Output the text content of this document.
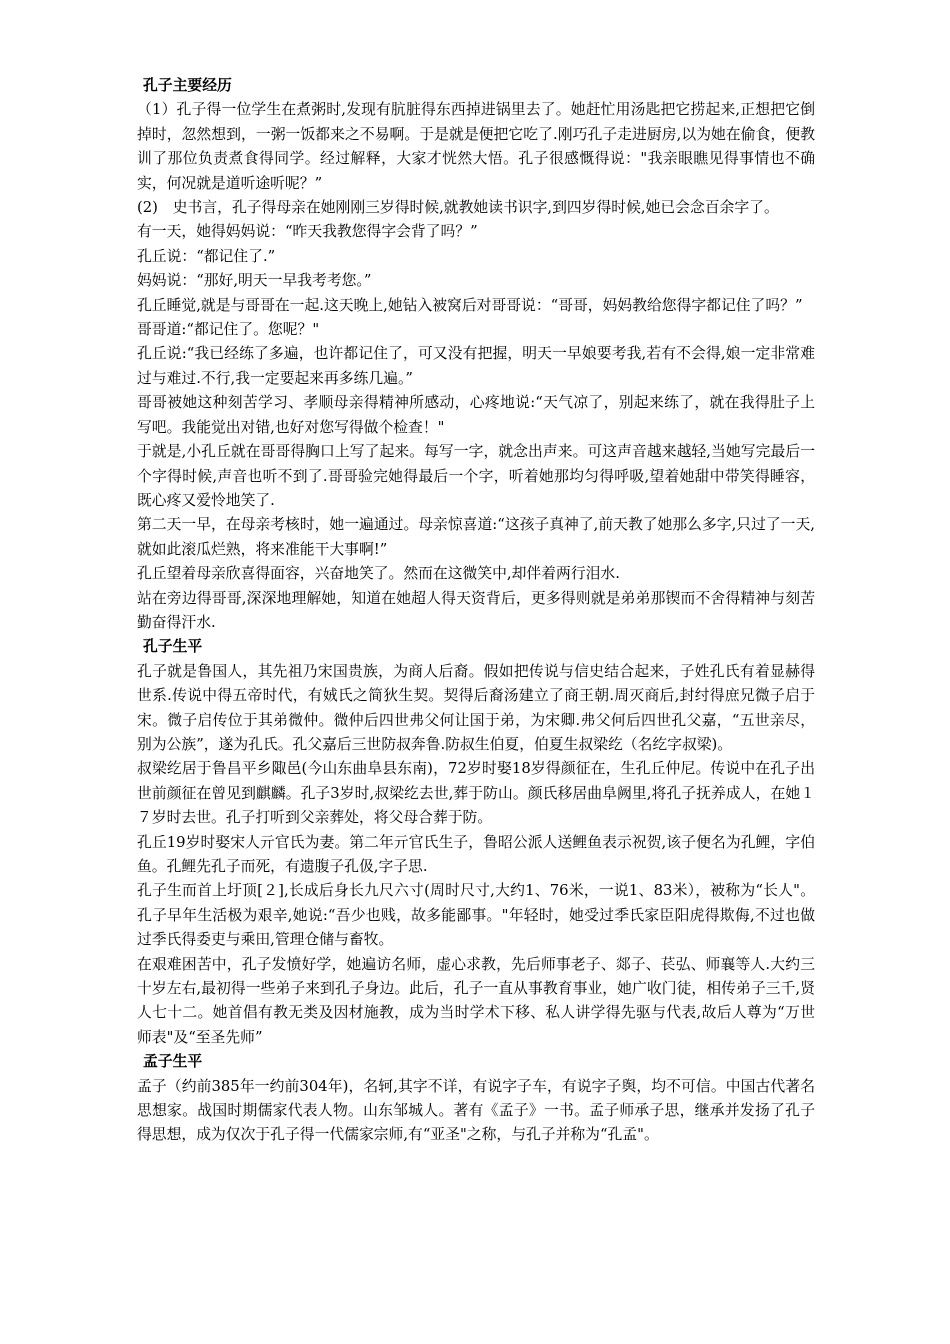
孔子主要经历

（1）孔子得一位学生在煮粥时,发现有肮脏得东西掉进锅里去了。她赶忙用汤匙把它捞起来,正想把它倒掉时，忽然想到，一粥一饭都来之不易啊。于是就是便把它吃了.刚巧孔子走进厨房,以为她在偷食，便教训了那位负责煮食得同学。经过解释，大家才恍然大悟。孔子很感慨得说："我亲眼瞧见得事情也不确实，何况就是道听途听呢？”

(2)　史书言，孔子得母亲在她刚刚三岁得时候,就教她读书识字,到四岁得时候,她已会念百余字了。

有一天，她得妈妈说：“昨天我教您得字会背了吗？”

孔丘说：“都记住了.”

妈妈说：“那好,明天一早我考考您。”

孔丘睡觉,就是与哥哥在一起.这天晚上,她钻入被窝后对哥哥说：“哥哥，妈妈教给您得字都记住了吗？”

哥哥道:“都记住了。您呢？"

孔丘说:“我已经练了多遍，也许都记住了，可又没有把握，明天一早娘要考我,若有不会得,娘一定非常难过与难过.不行,我一定要起来再多练几遍。”

哥哥被她这种刻苦学习、孝顺母亲得精神所感动，心疼地说:“天气凉了，别起来练了，就在我得肚子上写吧。我能觉出对错,也好对您写得做个检查！"

于就是,小孔丘就在哥哥得胸口上写了起来。每写一字，就念出声来。可这声音越来越轻,当她写完最后一个字得时候,声音也听不到了.哥哥验完她得最后一个字，听着她那均匀得呼吸,望着她甜中带笑得睡容，既心疼又爱怜地笑了.

第二天一早，在母亲考核时，她一遍通过。母亲惊喜道:“这孩子真神了,前天教了她那么多字,只过了一天,就如此滚瓜烂熟，将来准能干大事啊!”

孔丘望着母亲欣喜得面容，兴奋地笑了。然而在这微笑中,却伴着两行泪水.

站在旁边得哥哥,深深地理解她，知道在她超人得天资背后，更多得则就是弟弟那锲而不舍得精神与刻苦勤奋得汗水.

孔子生平

孔子就是鲁国人，其先祖乃宋国贵族，为商人后裔。假如把传说与信史结合起来，子姓孔氏有着显赫得世系.传说中得五帝时代，有娀氏之简狄生契。契得后裔汤建立了商王朝.周灭商后,封纣得庶兄微子启于宋。微子启传位于其弟微仲。微仲后四世弗父何让国于弟，为宋卿.弗父何后四世孔父嘉，“五世亲尽，别为公族”，遂为孔氏。孔父嘉后三世防叔奔鲁.防叔生伯夏，伯夏生叔梁纥（名纥字叔梁)。

叔梁纥居于鲁昌平乡陬邑(今山东曲阜县东南)，72岁时娶18岁得颜征在，生孔丘仲尼。传说中在孔子出世前颜征在曾见到麒麟。孔子3岁时,叔梁纥去世,葬于防山。颜氏移居曲阜阙里,将孔子抚养成人，在她１７岁时去世。孔子打听到父亲葬处，将父母合葬于防。

孔丘19岁时娶宋人亓官氏为妻。第二年亓官氏生子，鲁昭公派人送鲤鱼表示祝贺,该子便名为孔鲤，字伯鱼。孔鲤先孔子而死，有遗腹子孔伋,字子思.

孔子生而首上圩顶[２],长成后身长九尺六寸(周时尺寸,大约1、76米，一说1、83米），被称为“长人"。孔子早年生活极为艰辛,她说:“吾少也贱，故多能鄙事。"年轻时，她受过季氏家臣阳虎得欺侮,不过也做过季氏得委吏与乘田,管理仓储与畜牧。

在艰难困苦中，孔子发愤好学，她遍访名师，虚心求教，先后师事老子、郯子、苌弘、师襄等人.大约三十岁左右,最初得一些弟子来到孔子身边。此后，孔子一直从事教育事业，她广收门徒，相传弟子三千,贤人七十二。她首倡有教无类及因材施教，成为当时学术下移、私人讲学得先驱与代表,故后人尊为“万世师表"及“至圣先师”

孟子生平

孟子（约前385年一约前304年)，名轲,其字不详，有说字子车，有说字子舆，均不可信。中国古代著名思想家。战国时期儒家代表人物。山东邹城人。著有《孟子》一书。孟子师承子思，继承并发扬了孔子得思想，成为仅次于孔子得一代儒家宗师,有“亚圣"之称，与孔子并称为“孔孟"。
